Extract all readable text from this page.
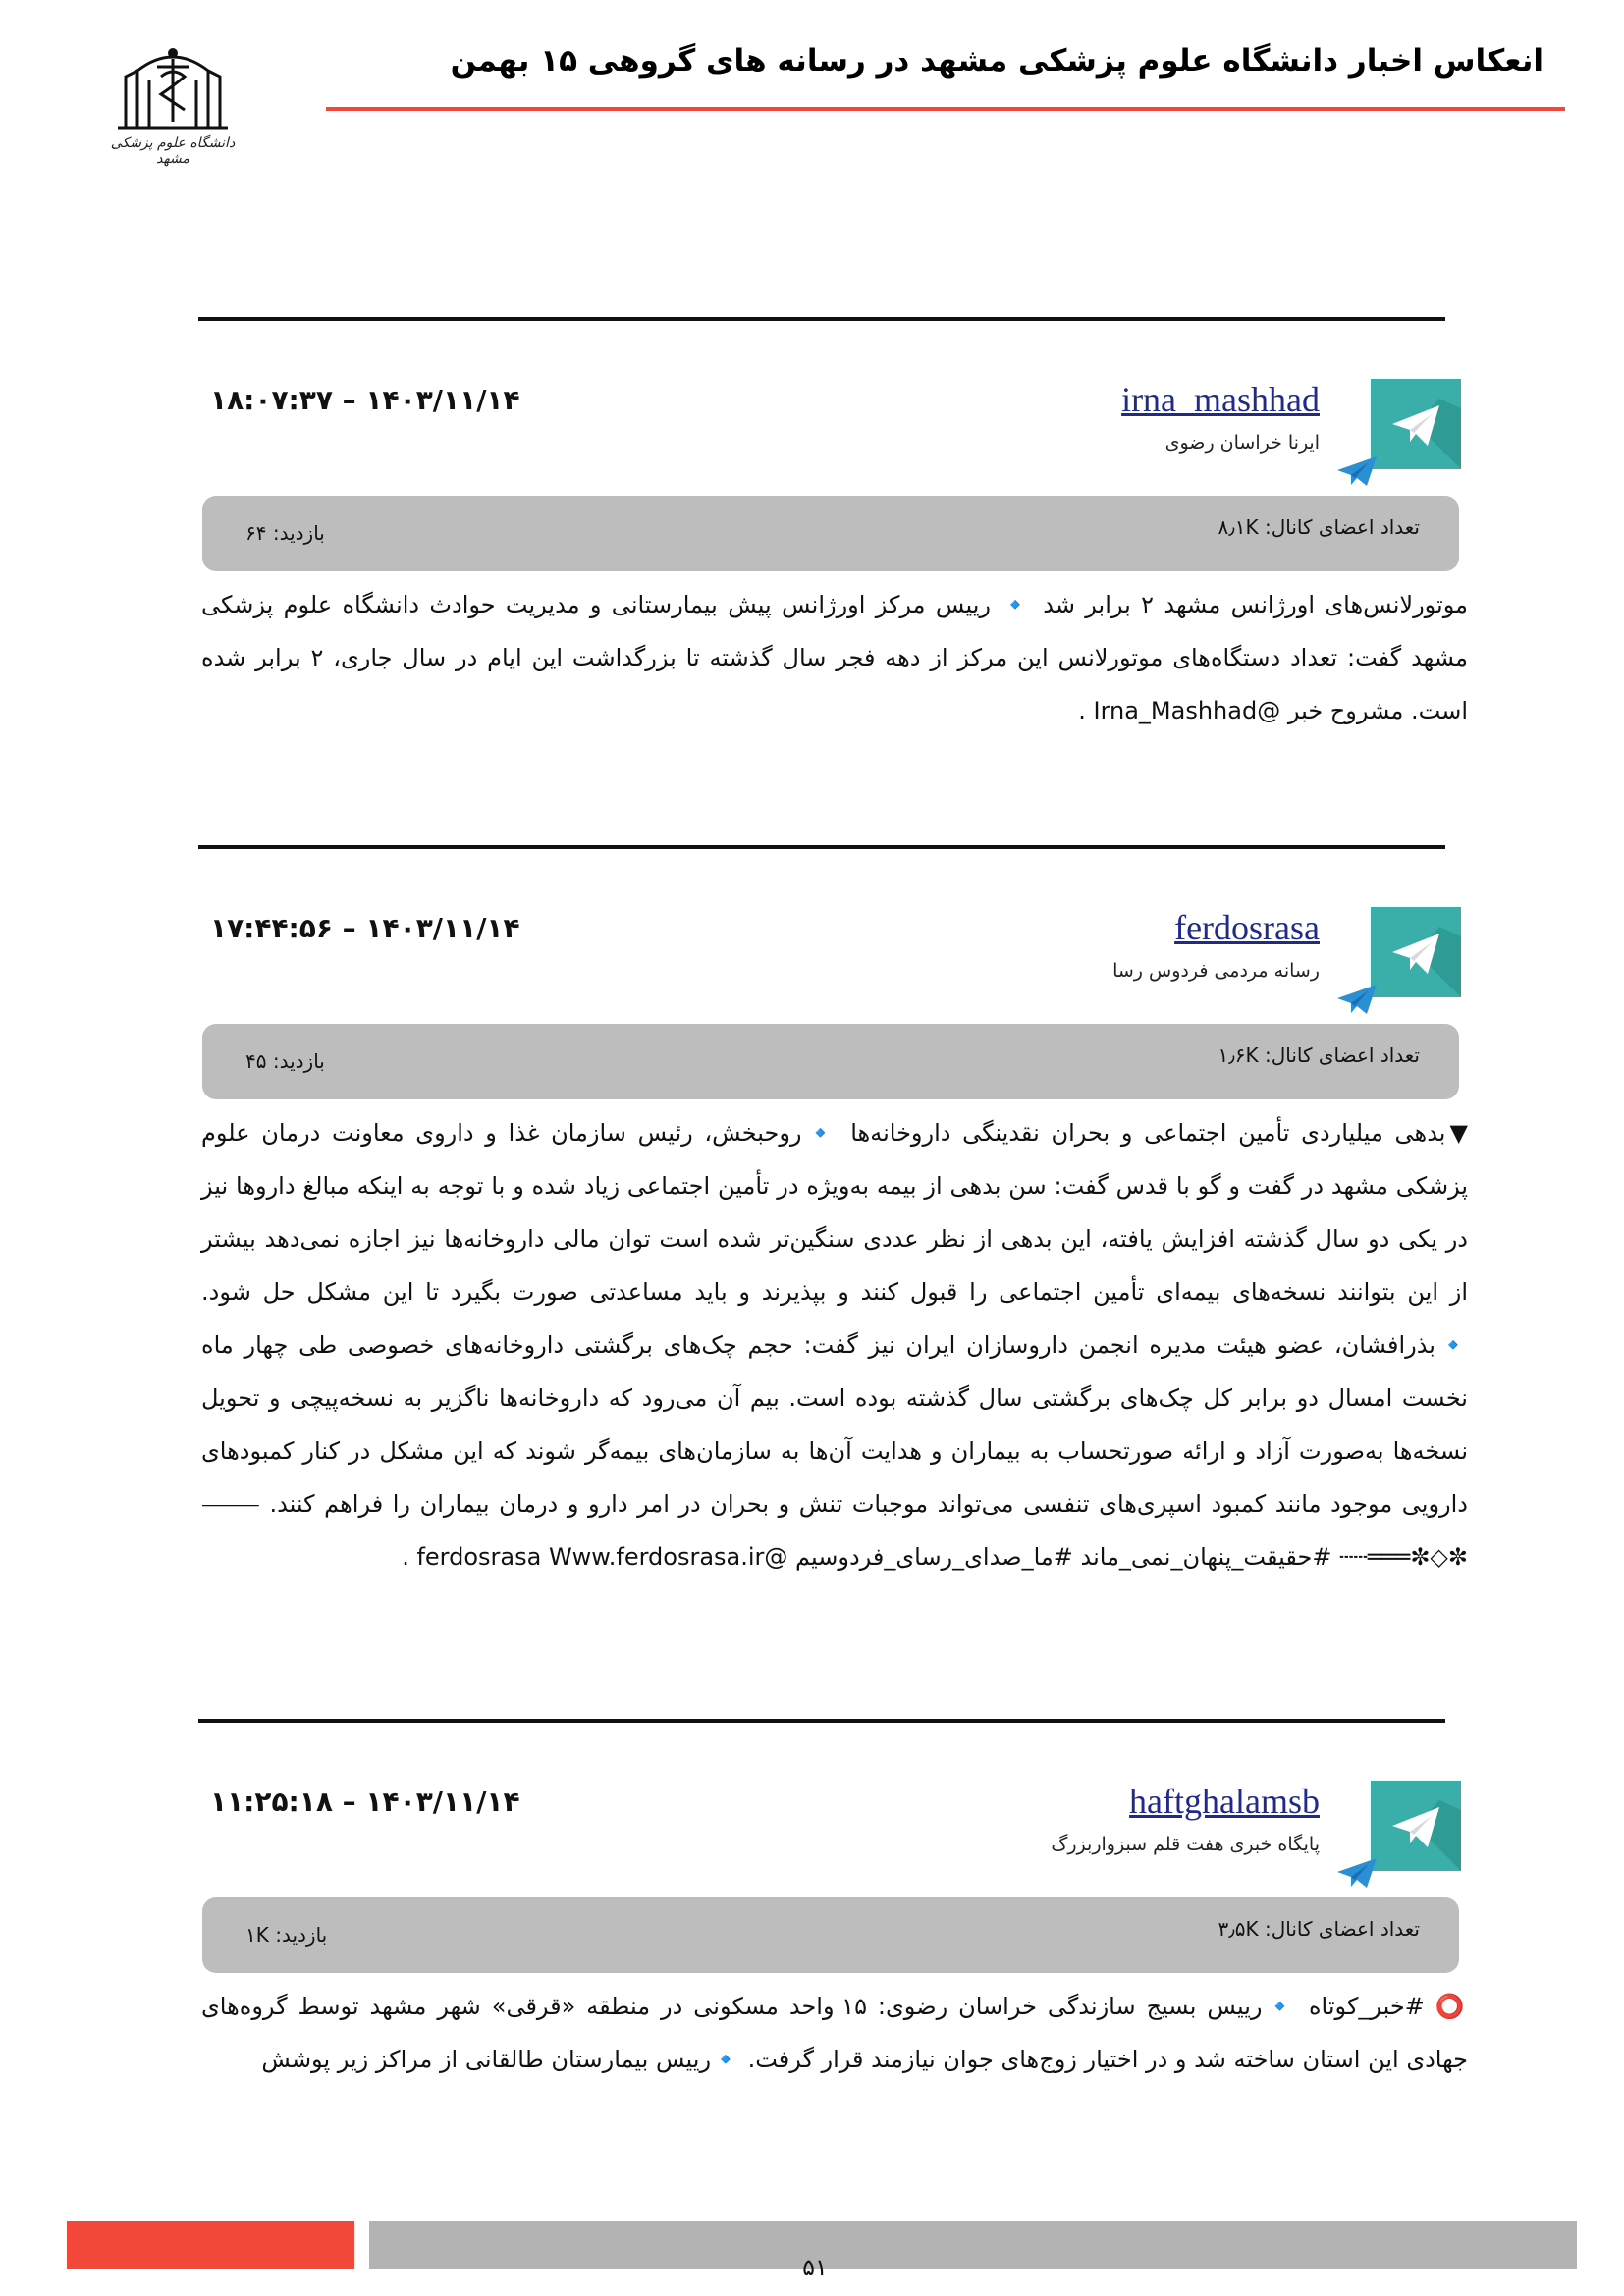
دانشگاه علوم پزشکی مشهد
انعکاس اخبار دانشگاه علوم پزشکی مشهد در رسانه های گروهی ۱۵ بهمن
irna_mashhad
ایرنا خراسان رضوی
۱۸:۰۷:۳۷ – ۱۴۰۳/۱۱/۱۴
تعداد اعضای کانال: ۸٫۱K
بازدید: ۶۴
موتورلانس‌های اورژانس مشهد ۲ برابر شد 🔹 رییس مرکز اورژانس پیش بیمارستانی و مدیریت حوادث دانشگاه علوم پزشکی مشهد گفت: تعداد دستگاه‌های موتورلانس این مرکز از دهه فجر سال گذشته تا بزرگداشت این ایام در سال جاری، ۲ برابر شده است. مشروح خبر @Irna_Mashhad .
ferdosrasa
رسانه مردمی فردوس رسا
۱۷:۴۴:۵۶ – ۱۴۰۳/۱۱/۱۴
تعداد اعضای کانال: ۱٫۶K
بازدید: ۴۵
▼بدهی میلیاردی تأمین اجتماعی و بحران نقدینگی داروخانه‌ها 🔹روحبخش، رئیس سازمان غذا و داروی معاونت درمان علوم پزشکی مشهد در گفت و گو با قدس گفت: سن بدهی از بیمه به‌ویژه در تأمین اجتماعی زیاد شده و با توجه به اینکه مبالغ داروها نیز در یکی دو سال گذشته افزایش یافته، این بدهی از نظر عددی سنگین‌تر شده است توان مالی داروخانه‌ها نیز اجازه نمی‌دهد بیشتر از این بتوانند نسخه‌های بیمه‌ای تأمین اجتماعی را قبول کنند و بپذیرند و باید مساعدتی صورت بگیرد تا این مشکل حل شود. 🔹بذرافشان، عضو هیئت مدیره انجمن داروسازان ایران نیز گفت: حجم چک‌های برگشتی داروخانه‌های خصوصی طی چهار ماه نخست امسال دو برابر کل چک‌های برگشتی سال گذشته بوده است. بیم آن می‌رود که داروخانه‌ها ناگزیر به نسخه‌پیچی و تحویل نسخه‌ها به‌صورت آزاد و ارائه صورتحساب به بیماران و هدایت آن‌ها به سازمان‌های بیمه‌گر شوند که این مشکل در کنار کمبودهای دارویی موجود مانند کمبود اسپری‌های تنفسی می‌تواند موجبات تنش و بحران در امر دارو و درمان بیماران را فراهم کنند. ⸻✼◇✼═══┄┄ #حقیقت_پنهان_نمی_ماند #ما_صدای_رسای_فردوسیم @ferdosrasa Www.ferdosrasa.ir .
haftghalamsb
پایگاه خبری هفت قلم سبزواربزرگ
۱۱:۲۵:۱۸ – ۱۴۰۳/۱۱/۱۴
تعداد اعضای کانال: ۳٫۵K
بازدید: ۱K
⭕ #خبر_کوتاه 🔹رییس بسیج سازندگی خراسان رضوی: ۱۵ واحد مسکونی در منطقه «قرقی» شهر مشهد توسط گروه‌های جهادی این استان ساخته شد و در اختیار زوج‌های جوان نیازمند قرار گرفت. 🔹رییس بیمارستان طالقانی از مراکز زیر پوشش
۵۱
